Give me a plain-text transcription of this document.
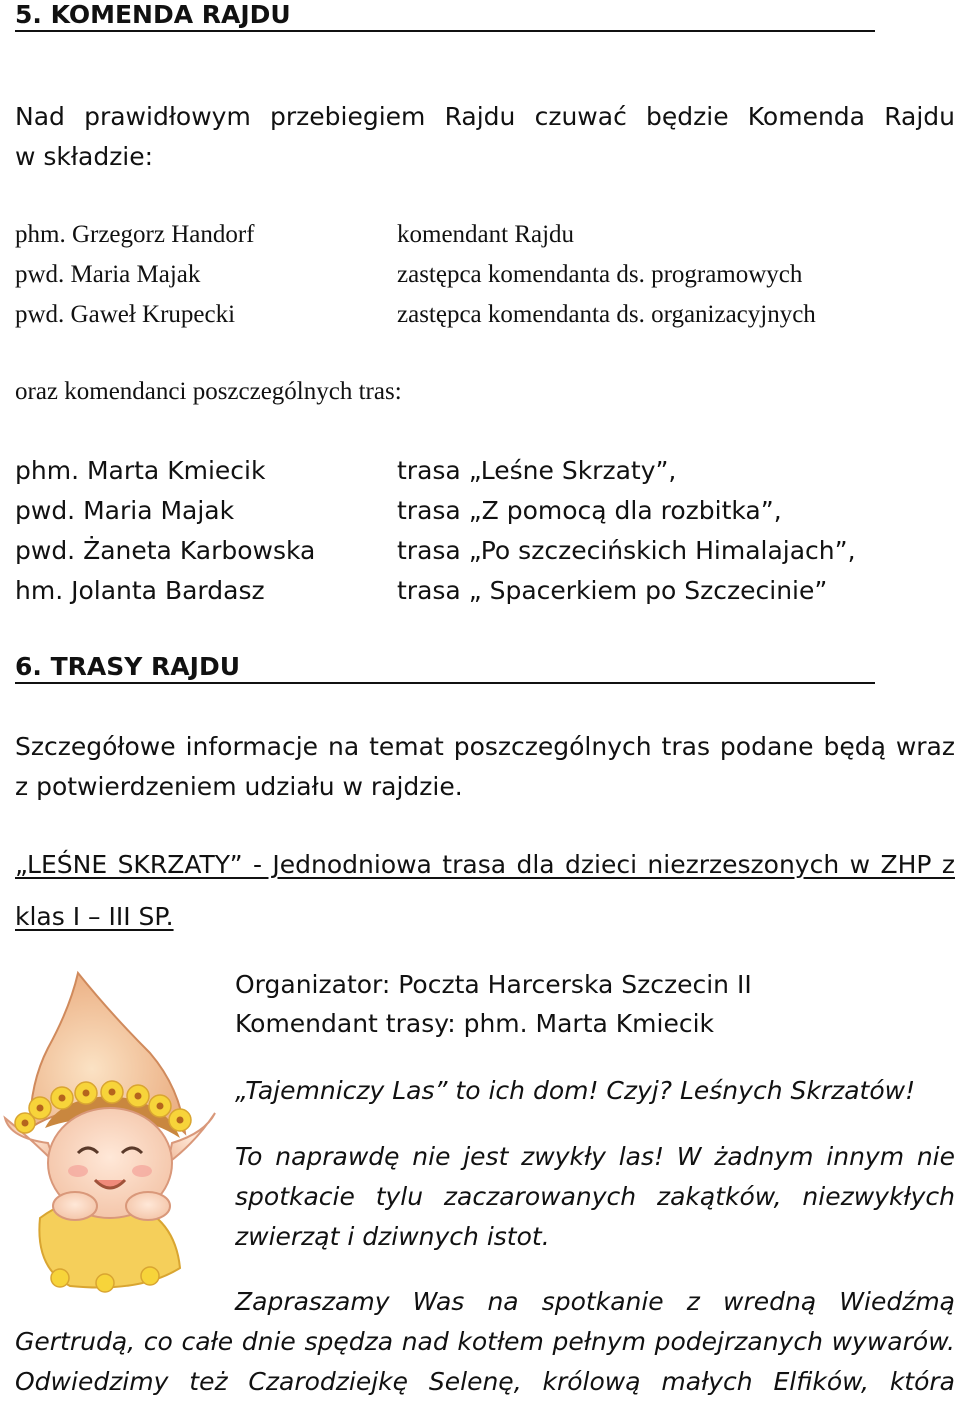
5. KOMENDA RAJDU

Nad prawidłowym przebiegiem Rajdu czuwać będzie Komenda Rajdu

w składzie:

phm. Grzegorz Handorf	komendant Rajdu
pwd. Maria Majak	zastępca komendanta ds. programowych
pwd. Gaweł Krupecki	zastępca komendanta ds. organizacyjnych

oraz komendanci poszczególnych tras:

phm. Marta Kmiecik	trasa „Leśne Skrzaty”,
pwd. Maria Majak	trasa „Z pomocą dla rozbitka”,
pwd. Żaneta Karbowska	trasa „Po szczecińskich Himalajach”,
hm. Jolanta Bardasz	trasa „ Spacerkiem po Szczecinie”
6. TRASY RAJDU

Szczegółowe informacje na temat poszczególnych tras podane będą wraz

z potwierdzeniem udziału w rajdzie.

„LEŚNE SKRZATY” - Jednodniowa trasa dla dzieci niezrzeszonych w ZHP z
klas I – III SP.
Organizator: Poczta Harcerska Szczecin II
Komendant trasy: phm. Marta Kmiecik
„Tajemniczy Las” to ich dom! Czyj? Leśnych Skrzatów!
To naprawdę nie jest zwykły las! W żadnym innym nie
spotkacie tylu zaczarowanych zakątków, niezwykłych
zwierząt i dziwnych istot.
Zapraszamy Was na spotkanie z wredną Wiedźmą
Gertrudą, co całe dnie spędza nad kotłem pełnym podejrzanych wywarów.
Odwiedzimy też Czarodziejkę Selenę, królową małych Elfików, która
